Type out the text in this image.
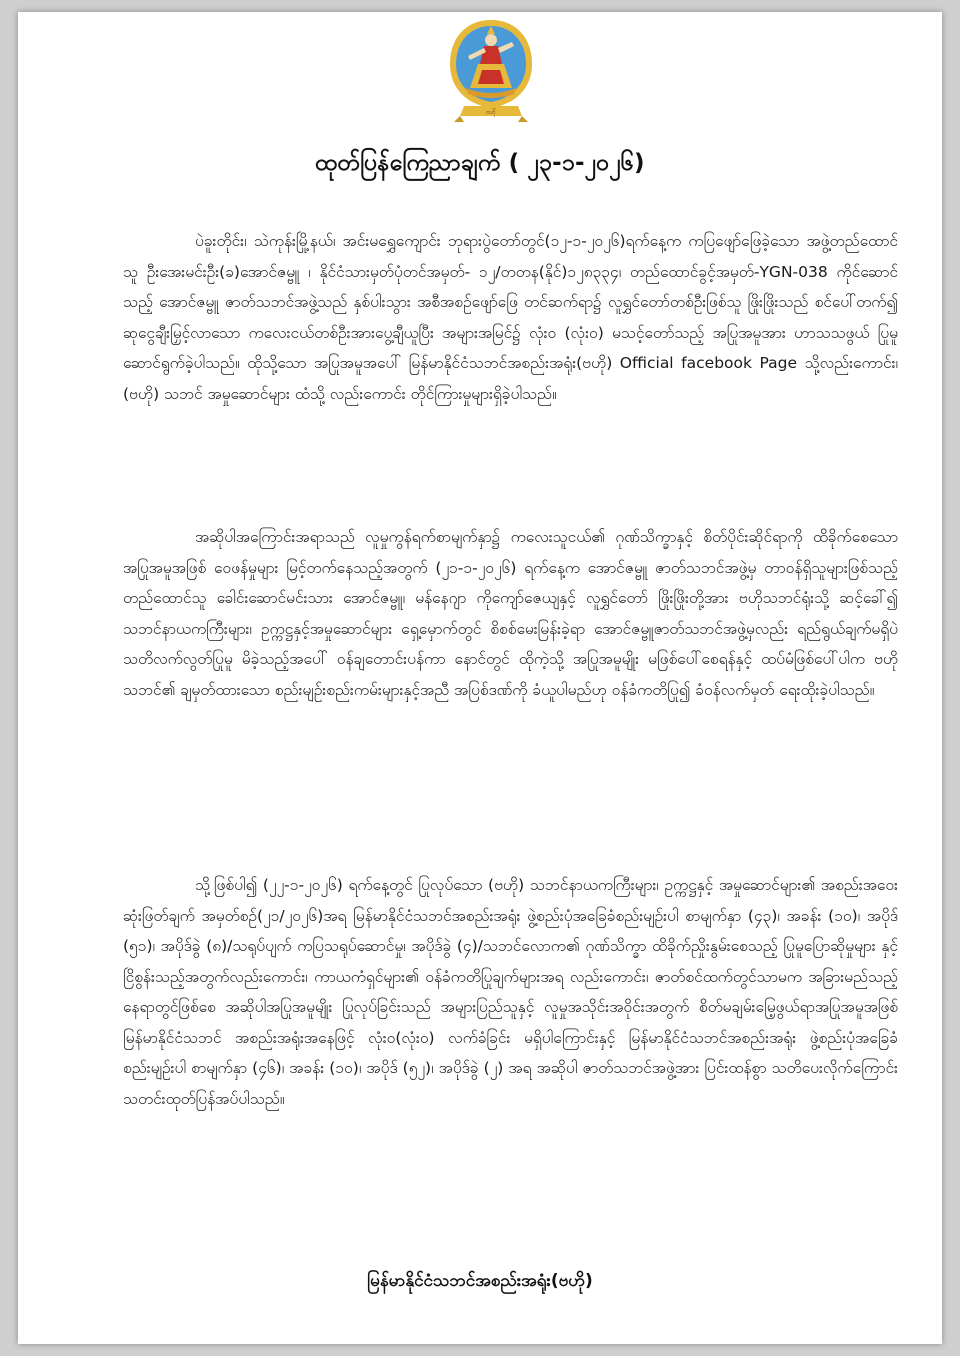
ဗဟို
ထုတ်ပြန်ကြေညာချက် ( ၂၃-၁-၂၀၂၆)

ပဲခူးတိုင်း၊ သဲကုန်းမြို့နယ်၊ အင်းမရွှေကျောင်း ဘုရားပွဲတော်တွင်(၁၂-၁-၂၀၂၆)ရက်နေ့က ကပြဖျော်ဖြေခဲ့သော အဖွဲ့တည်ထောင်သူ ဦးအေးမင်းဦး(ခ)အောင်ဇမ္ဗူ ၊ နိုင်ငံသားမှတ်ပုံတင်အမှတ်- ၁၂/တတန(နိုင်)၁၂၈၃၃၄၊ တည်ထောင်ခွင့်အမှတ်-YGN-038 ကိုင်ဆောင်သည့် အောင်ဇမ္ဗူ ဇာတ်သဘင်အဖွဲ့သည် နှစ်ပါးသွား အစီအစဉ်ဖျော်ဖြေ တင်ဆက်ရာ၌ လူရွှင်တော်တစ်ဦးဖြစ်သူ ဖြိုးဖြိုးသည် စင်ပေါ်တက်၍ ဆုငွေချီးမြှင့်လာသော ကလေးငယ်တစ်ဦးအားပွေ့ချီယူပြီး အများအမြင်၌ လုံးဝ (လုံးဝ) မသင့်တော်သည့် အပြုအမူအား ဟာသသဖွယ် ပြုမူဆောင်ရွက်ခဲ့ပါသည်။ ထိုသို့သော အပြုအမူအပေါ် မြန်မာနိုင်ငံသဘင်အစည်းအရုံး(ဗဟို) Official facebook Page သို့လည်းကောင်း၊ (ဗဟို) သဘင် အမှုဆောင်များ ထံသို့ လည်းကောင်း တိုင်ကြားမှုများရှိခဲ့ပါသည်။

အဆိုပါအကြောင်းအရာသည် လူမှုကွန်ရက်စာမျက်နှာ၌ ကလေးသူငယ်၏ ဂုဏ်သိက္ခာနှင့် စိတ်ပိုင်းဆိုင်ရာကို ထိခိုက်စေသော အပြုအမူအဖြစ် ဝေဖန်မှုများ မြင့်တက်နေသည့်အတွက် (၂၁-၁-၂၀၂၆) ရက်နေ့က အောင်ဇမ္ဗူ ဇာတ်သဘင်အဖွဲ့မှ တာဝန်ရှိသူများဖြစ်သည့် တည်ထောင်သူ ခေါင်းဆောင်မင်းသား အောင်ဇမ္ဗူ၊ မန်နေဂျာ ကိုကျော်ဇေယျနှင့် လူရွှင်တော် ဖြိုးဖြိုးတို့အား ဗဟိုသဘင်ရုံးသို့ ဆင့်ခေါ်၍ သဘင်နာယကကြီးများ၊ ဥက္ကဋ္ဌနှင့်အမှုဆောင်များ ရှေ့မှောက်တွင် စိစစ်မေးမြန်းခဲ့ရာ အောင်ဇမ္ဗူဇာတ်သဘင်အဖွဲ့မှလည်း ရည်ရွယ်ချက်မရှိပဲ သတိလက်လွတ်ပြုမူ မိခဲ့သည့်အပေါ် ဝန်ချတောင်းပန်ကာ နောင်တွင် ထိုကဲ့သို့ အပြုအမူမျိုး မဖြစ်ပေါ်စေရန်နှင့် ထပ်မံဖြစ်ပေါ်ပါက ဗဟိုသဘင်၏ ချမှတ်ထားသော စည်းမျဉ်းစည်းကမ်းများနှင့်အညီ အပြစ်ဒဏ်ကို ခံယူပါမည်ဟု ဝန်ခံကတိပြု၍ ခံဝန်လက်မှတ် ရေးထိုးခဲ့ပါသည်။

သို့ဖြစ်ပါ၍ (၂၂-၁-၂၀၂၆) ရက်နေ့တွင် ပြုလုပ်သော (ဗဟို) သဘင်နာယကကြီးများ၊ ဥက္ကဋ္ဌနှင့် အမှုဆောင်များ၏ အစည်းအဝေးဆုံးဖြတ်ချက် အမှတ်စဉ်(၂၁/၂၀၂၆)အရ မြန်မာနိုင်ငံသဘင်အစည်းအရုံး ဖွဲ့စည်းပုံအခြေခံစည်းမျဉ်းပါ စာမျက်နှာ (၄၃)၊ အခန်း (၁၀)၊ အပိုဒ် (၅၁)၊ အပိုဒ်ခွဲ (၈)/သရုပ်ပျက် ကပြသရုပ်ဆောင်မှု၊ အပိုဒ်ခွဲ (၄)/သဘင်လောက၏ ဂုဏ်သိက္ခာ ထိခိုက်ညှိုးနွမ်းစေသည့် ပြုမူပြောဆိုမှုများ နှင့်ငြိစွန်းသည့်အတွက်လည်းကောင်း၊ ကာယကံရှင်များ၏ ဝန်ခံကတိပြုချက်များအရ လည်းကောင်း၊ ဇာတ်စင်ထက်တွင်သာမက အခြားမည်သည့်နေရာတွင်ဖြစ်စေ အဆိုပါအပြုအမူမျိုး ပြုလုပ်ခြင်းသည် အများပြည်သူနှင့် လူမှုအသိုင်းအဝိုင်းအတွက် စိတ်မချမ်းမြေ့ဖွယ်ရာအပြုအမူအဖြစ် မြန်မာနိုင်ငံသဘင် အစည်းအရုံးအနေဖြင့် လုံးဝ(လုံးဝ) လက်ခံခြင်း မရှိပါကြောင်းနှင့် မြန်မာနိုင်ငံသဘင်အစည်းအရုံး ဖွဲ့စည်းပုံအခြေခံ စည်းမျဉ်းပါ စာမျက်နှာ (၄၆)၊ အခန်း (၁၀)၊ အပိုဒ် (၅၂)၊ အပိုဒ်ခွဲ (၂) အရ အဆိုပါ ဇာတ်သဘင်အဖွဲ့အား ပြင်းထန်စွာ သတိပေးလိုက်ကြောင်း သတင်းထုတ်ပြန်အပ်ပါသည်။

မြန်မာနိုင်ငံသဘင်အစည်းအရုံး(ဗဟို)
